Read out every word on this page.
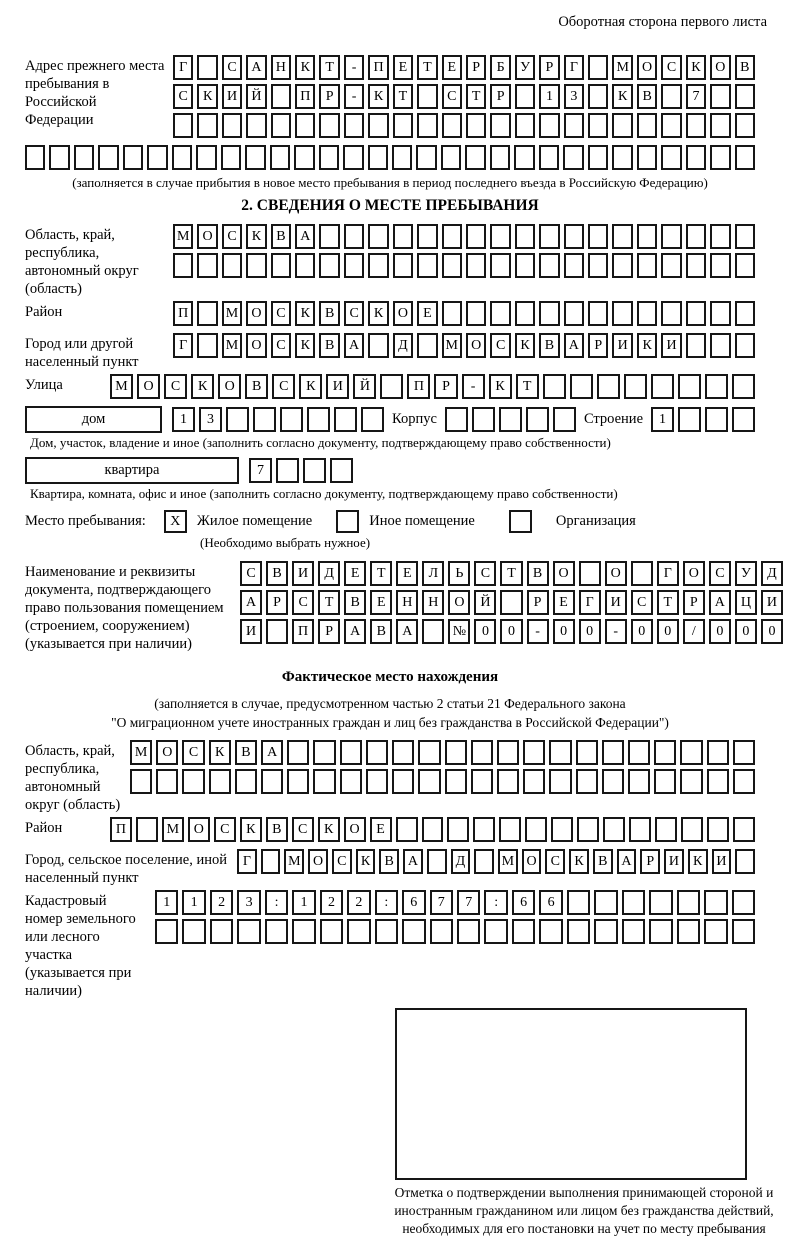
Оборотная сторона первого листа
Адрес прежнего места пребывания в Российской Федерации
Г	С	А	Н	К	Т	-	П	Е	Т	Е	Р	Б	У	Р	Г	М О	С	К	О	В
С	К	И	Й	П	Р	-	К	Т	С	Т	Р	1	3	К	В	7
(заполняется в случае прибытия в новое место пребывания в период последнего въезда в Российскую Федерацию)
2. СВЕДЕНИЯ О МЕСТЕ ПРЕБЫВАНИЯ
Область, край, республика, автономный округ (область)
М О	С	К	В	А
Район	П	М О	С	К	В	С	К	О	Е
Город или другой населенный пункт
Г	М О	С	К	В	А	Д	М О	С	К	В	А	Р	И	К	И
Улица	М	О	С	К	О	В	С	К	И	Й	П	Р	-	К	Т
дом	1	3	Корпус	Строение	1
Дом, участок, владение и иное (заполнить согласно документу, подтверждающему право собственности)
квартира	7
Квартира, комната, офис и иное (заполнить согласно документу, подтверждающему право собственности)
Место пребывания:	X	Жилое помещение	Иное помещение	Организация
(Необходимо выбрать нужное)
Наименование и реквизиты документа, подтверждающего право пользования помещением (строением, сооружением) (указывается при наличии)
С	В	И	Д	Е	Т	Е	Л	Ь	С	Т	В	О	О	Г	О	С	У	Д
А	Р	С	Т	В	Е	Н	Н	О	Й	Р	Е	Г	И	С	Т	Р	А	Ц	И
И	П	Р	А	В	А	№	0	0	-	0	0	-	0	0	/	0	0	0
Фактическое место нахождения
(заполняется в случае, предусмотренном частью 2 статьи 21 Федерального закона
"О миграционном учете иностранных граждан и лиц без гражданства в Российской Федерации")
Область, край, республика, автономный округ (область)
М	О	С	К	В	А
Район	П	М	О	С	К	В	С	К	О	Е
Город, сельское поселение, иной населенный пункт
Г	М О	С	К	В А	Д	М О	С	К	В А	Р	И	К И
Кадастровый номер земельного или лесного участка (указывается при наличии)
1	1	2	3	:	1	2	2	:	6	7	7	:	6	6
Отметка о подтверждении выполнения принимающей стороной и иностранным гражданином или лицом без гражданства действий, необходимых для его постановки на учет по месту пребывания
